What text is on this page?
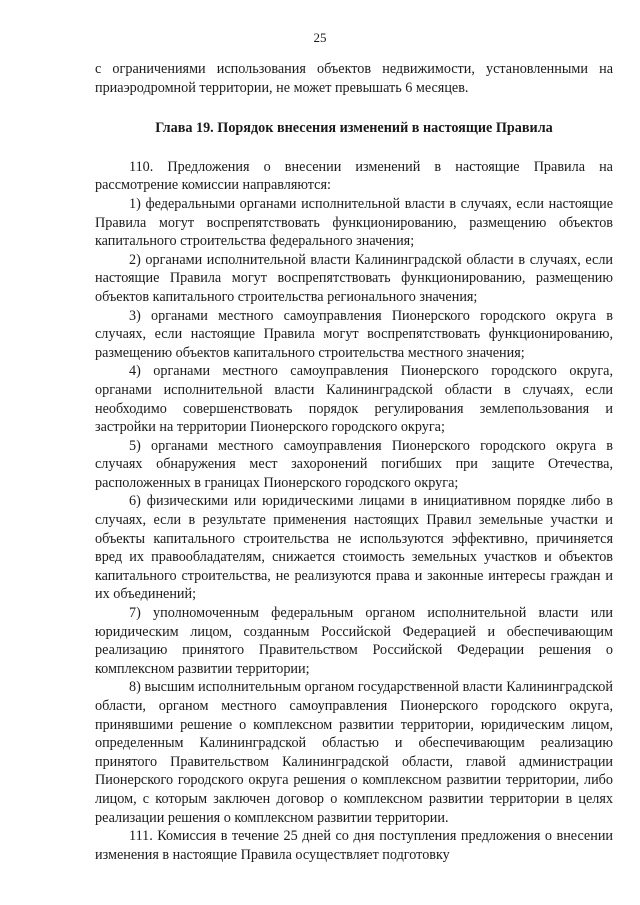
25

с ограничениями использования объектов недвижимости, установленными на приаэродромной территории, не может превышать 6 месяцев.

Глава 19. Порядок внесения изменений в настоящие Правила

110. Предложения о внесении изменений в настоящие Правила на рассмотрение комиссии направляются:

1) федеральными органами исполнительной власти в случаях, если настоящие Правила могут воспрепятствовать функционированию, размещению объектов капитального строительства федерального значения;

2) органами исполнительной власти Калининградской области в случаях, если настоящие Правила могут воспрепятствовать функционированию, размещению объектов капитального строительства регионального значения;

3) органами местного самоуправления Пионерского городского округа в случаях, если настоящие Правила могут воспрепятствовать функционированию, размещению объектов капитального строительства местного значения;

4) органами местного самоуправления Пионерского городского округа, органами исполнительной власти Калининградской области в случаях, если необходимо совершенствовать порядок регулирования землепользования и застройки на территории Пионерского городского округа;

5) органами местного самоуправления Пионерского городского округа в случаях обнаружения мест захоронений погибших при защите Отечества, расположенных в границах Пионерского городского округа;

6) физическими или юридическими лицами в инициативном порядке либо в случаях, если в результате применения настоящих Правил земельные участки и объекты капитального строительства не используются эффективно, причиняется вред их правообладателям, снижается стоимость земельных участков и объектов капитального строительства, не реализуются права и законные интересы граждан и их объединений;

7) уполномоченным федеральным органом исполнительной власти или юридическим лицом, созданным Российской Федерацией и обеспечивающим реализацию принятого Правительством Российской Федерации решения о комплексном развитии территории;

8) высшим исполнительным органом государственной власти Калининградской области, органом местного самоуправления Пионерского городского округа, принявшими решение о комплексном развитии территории, юридическим лицом, определенным Калининградской областью и обеспечивающим реализацию принятого Правительством Калининградской области, главой администрации Пионерского городского округа решения о комплексном развитии территории, либо лицом, с которым заключен договор о комплексном развитии территории в целях реализации решения о комплексном развитии территории.

111. Комиссия в течение 25 дней со дня поступления предложения о внесении изменения в настоящие Правила осуществляет подготовку
